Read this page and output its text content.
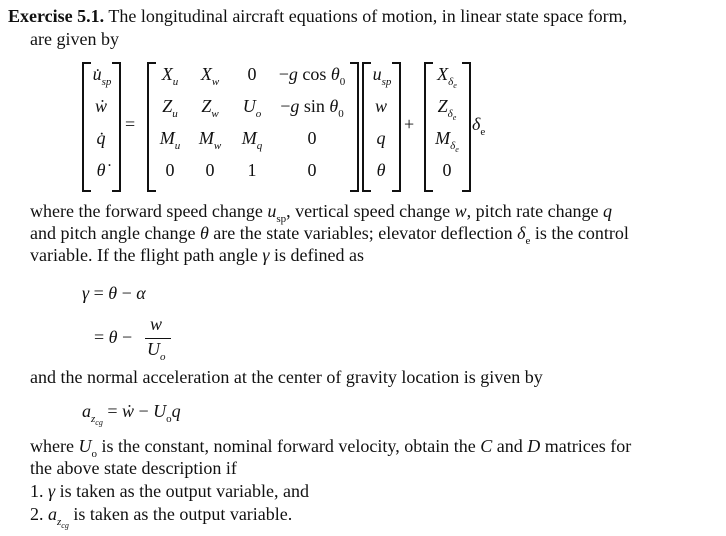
Exercise 5.1. The longitudinal aircraft equations of motion, in linear state space form,
are given by
$u̇_{sp}$
ẇ
q̇
θ̇
=
$X_u$	$X_w$	0	−g $\cos \theta_0$
$Z_u$	$Z_w$	$U_o$	−g $\sin \theta_0$
$M_u$	$M_w$	$M_q$	0
0	0	1	0
$u_{sp}$
w
q
θ
+
$X_{\delta_e}$
$Z_{\delta_e}$
$M_{\delta_e}$
0
$\delta_e$
where the forward speed change $u_{sp}$, vertical speed change w, pitch rate change q
and pitch angle change θ are the state variables; elevator deflection $\delta_e$ is the control
variable. If the flight path angle γ is defined as
γ = θ − α
= θ −
w
$U_o$
and the normal acceleration at the center of gravity location is given by
$a_{z_{cg}}$ = ẇ − $U_oq$
where $U_o$ is the constant, nominal forward velocity, obtain the C and D matrices for
the above state description if
1. γ is taken as the output variable, and
2. $a_{z_{cg}}$ is taken as the output variable.
